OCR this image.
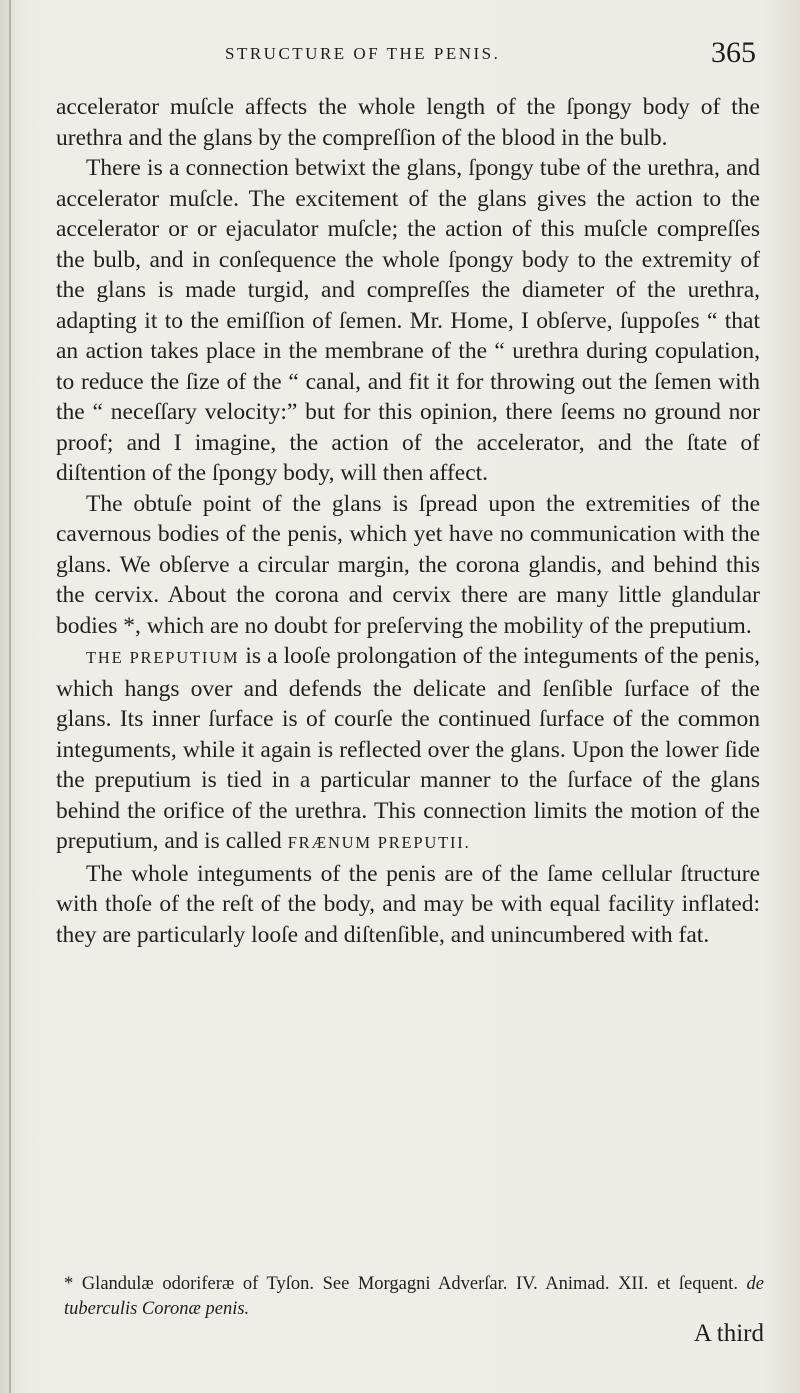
STRUCTURE OF THE PENIS.	365

accelerator muſcle affects the whole length of the ſpongy body of the urethra and the glans by the compreſſion of the blood in the bulb.

There is a connection betwixt the glans, ſpongy tube of the urethra, and accelerator muſcle. The excitement of the glans gives the action to the accelerator or or ejaculator muſcle; the action of this muſcle compreſſes the bulb, and in conſequence the whole ſpongy body to the extremity of the glans is made turgid, and compreſſes the diameter of the urethra, adapting it to the emiſſion of ſemen. Mr. Home, I obſerve, ſuppoſes “ that an action takes place in the membrane of the “ urethra during copulation, to reduce the ſize of the “ canal, and fit it for throwing out the ſemen with the “ neceſſary velocity:” but for this opinion, there ſeems no ground nor proof; and I imagine, the action of the accelerator, and the ſtate of diſtention of the ſpongy body, will then affect.

The obtuſe point of the glans is ſpread upon the extremities of the cavernous bodies of the penis, which yet have no communication with the glans. We obſerve a circular margin, the corona glandis, and behind this the cervix. About the corona and cervix there are many little glandular bodies *, which are no doubt for preſerving the mobility of the preputium.

THE PREPUTIUM is a looſe prolongation of the integuments of the penis, which hangs over and defends the delicate and ſenſible ſurface of the glans. Its inner ſurface is of courſe the continued ſurface of the common integuments, while it again is reflected over the glans. Upon the lower ſide the preputium is tied in a particular manner to the ſurface of the glans behind the orifice of the urethra. This connection limits the motion of the preputium, and is called FRÆNUM PREPUTII.

The whole integuments of the penis are of the ſame cellular ſtructure with thoſe of the reſt of the body, and may be with equal facility inflated: they are particularly looſe and diſtenſible, and unincumbered with fat.

* Glandulæ odoriferæ of Tyſon. See Morgagni Adverſar. IV. Animad. XII. et ſequent. de tuberculis Coronæ penis.

A third
